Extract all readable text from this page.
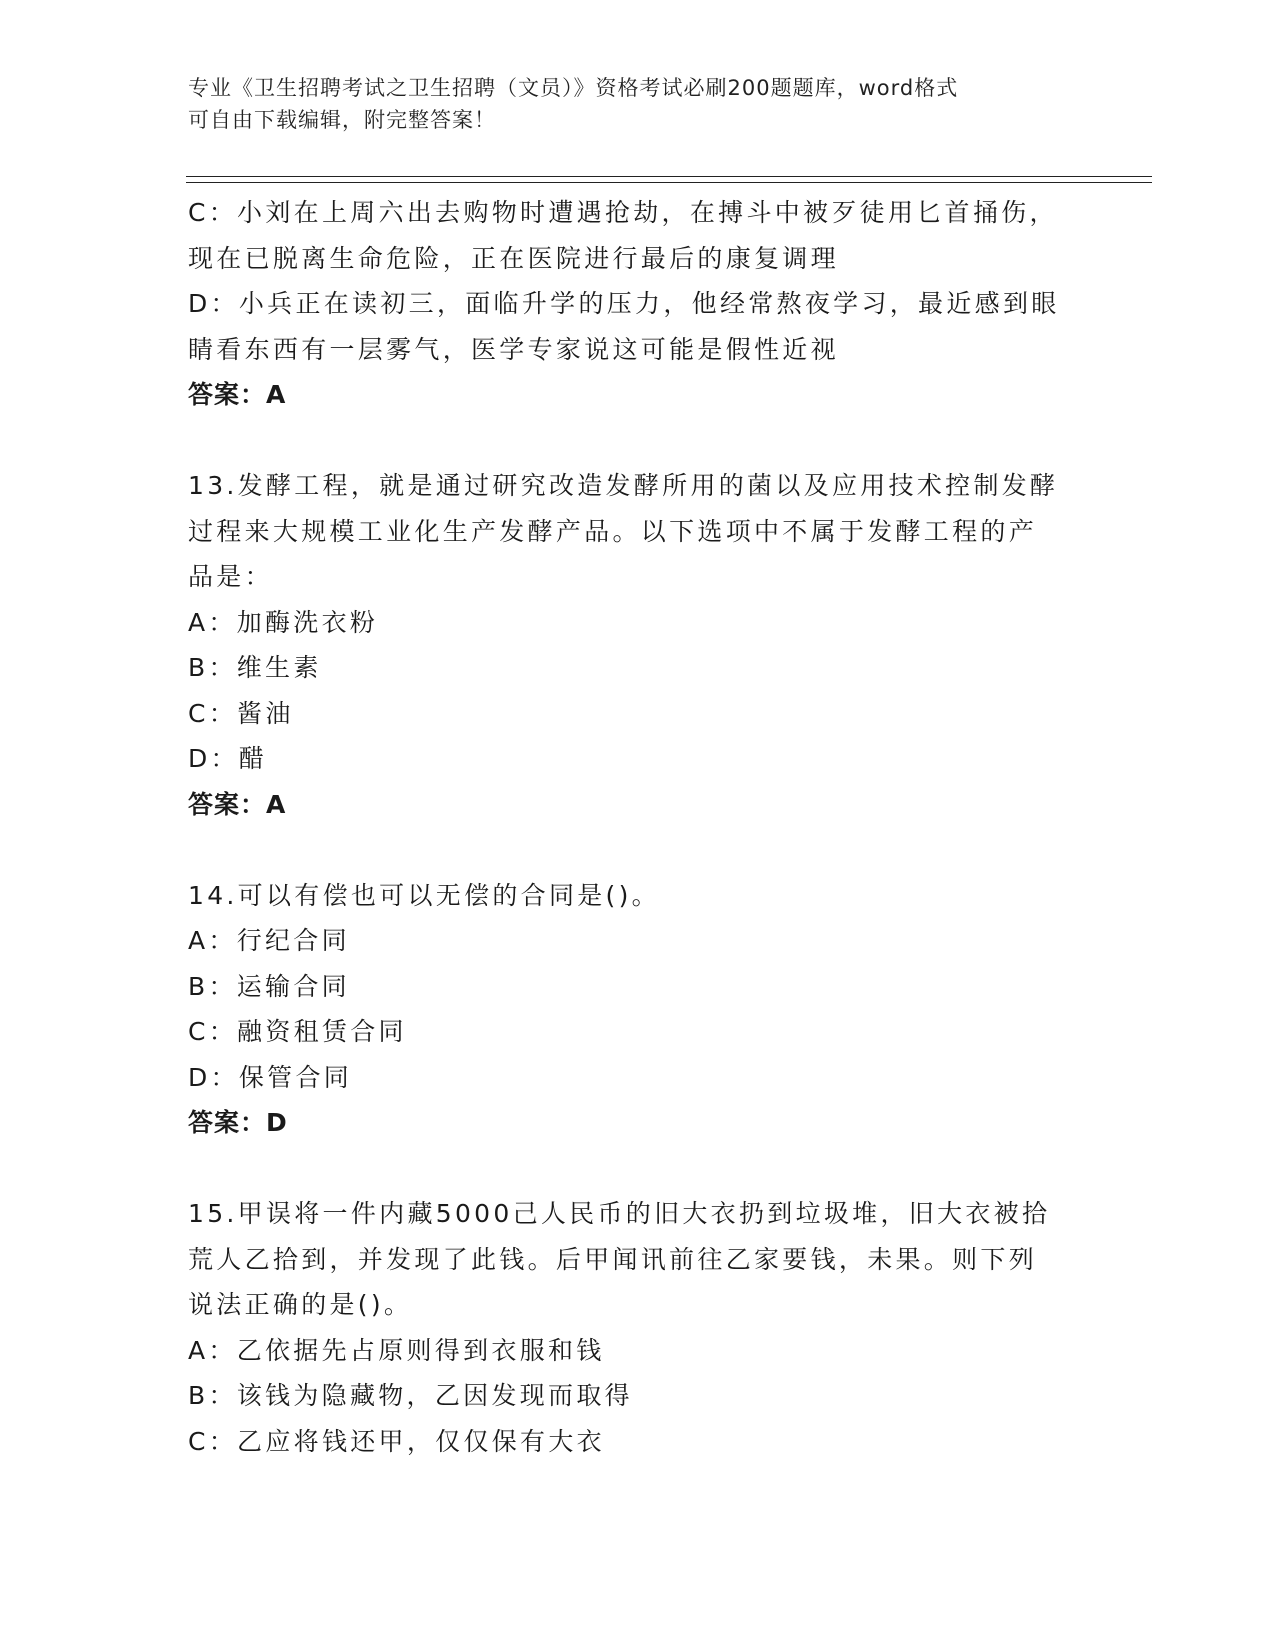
专业《卫生招聘考试之卫生招聘（文员）》资格考试必刷200题题库，word格式
可自由下载编辑，附完整答案！
C：小刘在上周六出去购物时遭遇抢劫，在搏斗中被歹徒用匕首捅伤，
现在已脱离生命危险，正在医院进行最后的康复调理
D：小兵正在读初三，面临升学的压力，他经常熬夜学习，最近感到眼
睛看东西有一层雾气，医学专家说这可能是假性近视
答案：A
13.发酵工程，就是通过研究改造发酵所用的菌以及应用技术控制发酵
过程来大规模工业化生产发酵产品。以下选项中不属于发酵工程的产
品是：
A：加酶洗衣粉
B：维生素
C：酱油
D：醋
答案：A
14.可以有偿也可以无偿的合同是()。
A：行纪合同
B：运输合同
C：融资租赁合同
D：保管合同
答案：D
15.甲误将一件内藏5000己人民币的旧大衣扔到垃圾堆，旧大衣被拾
荒人乙拾到，并发现了此钱。后甲闻讯前往乙家要钱，未果。则下列
说法正确的是()。
A：乙依据先占原则得到衣服和钱
B：该钱为隐藏物，乙因发现而取得
C：乙应将钱还甲，仅仅保有大衣
